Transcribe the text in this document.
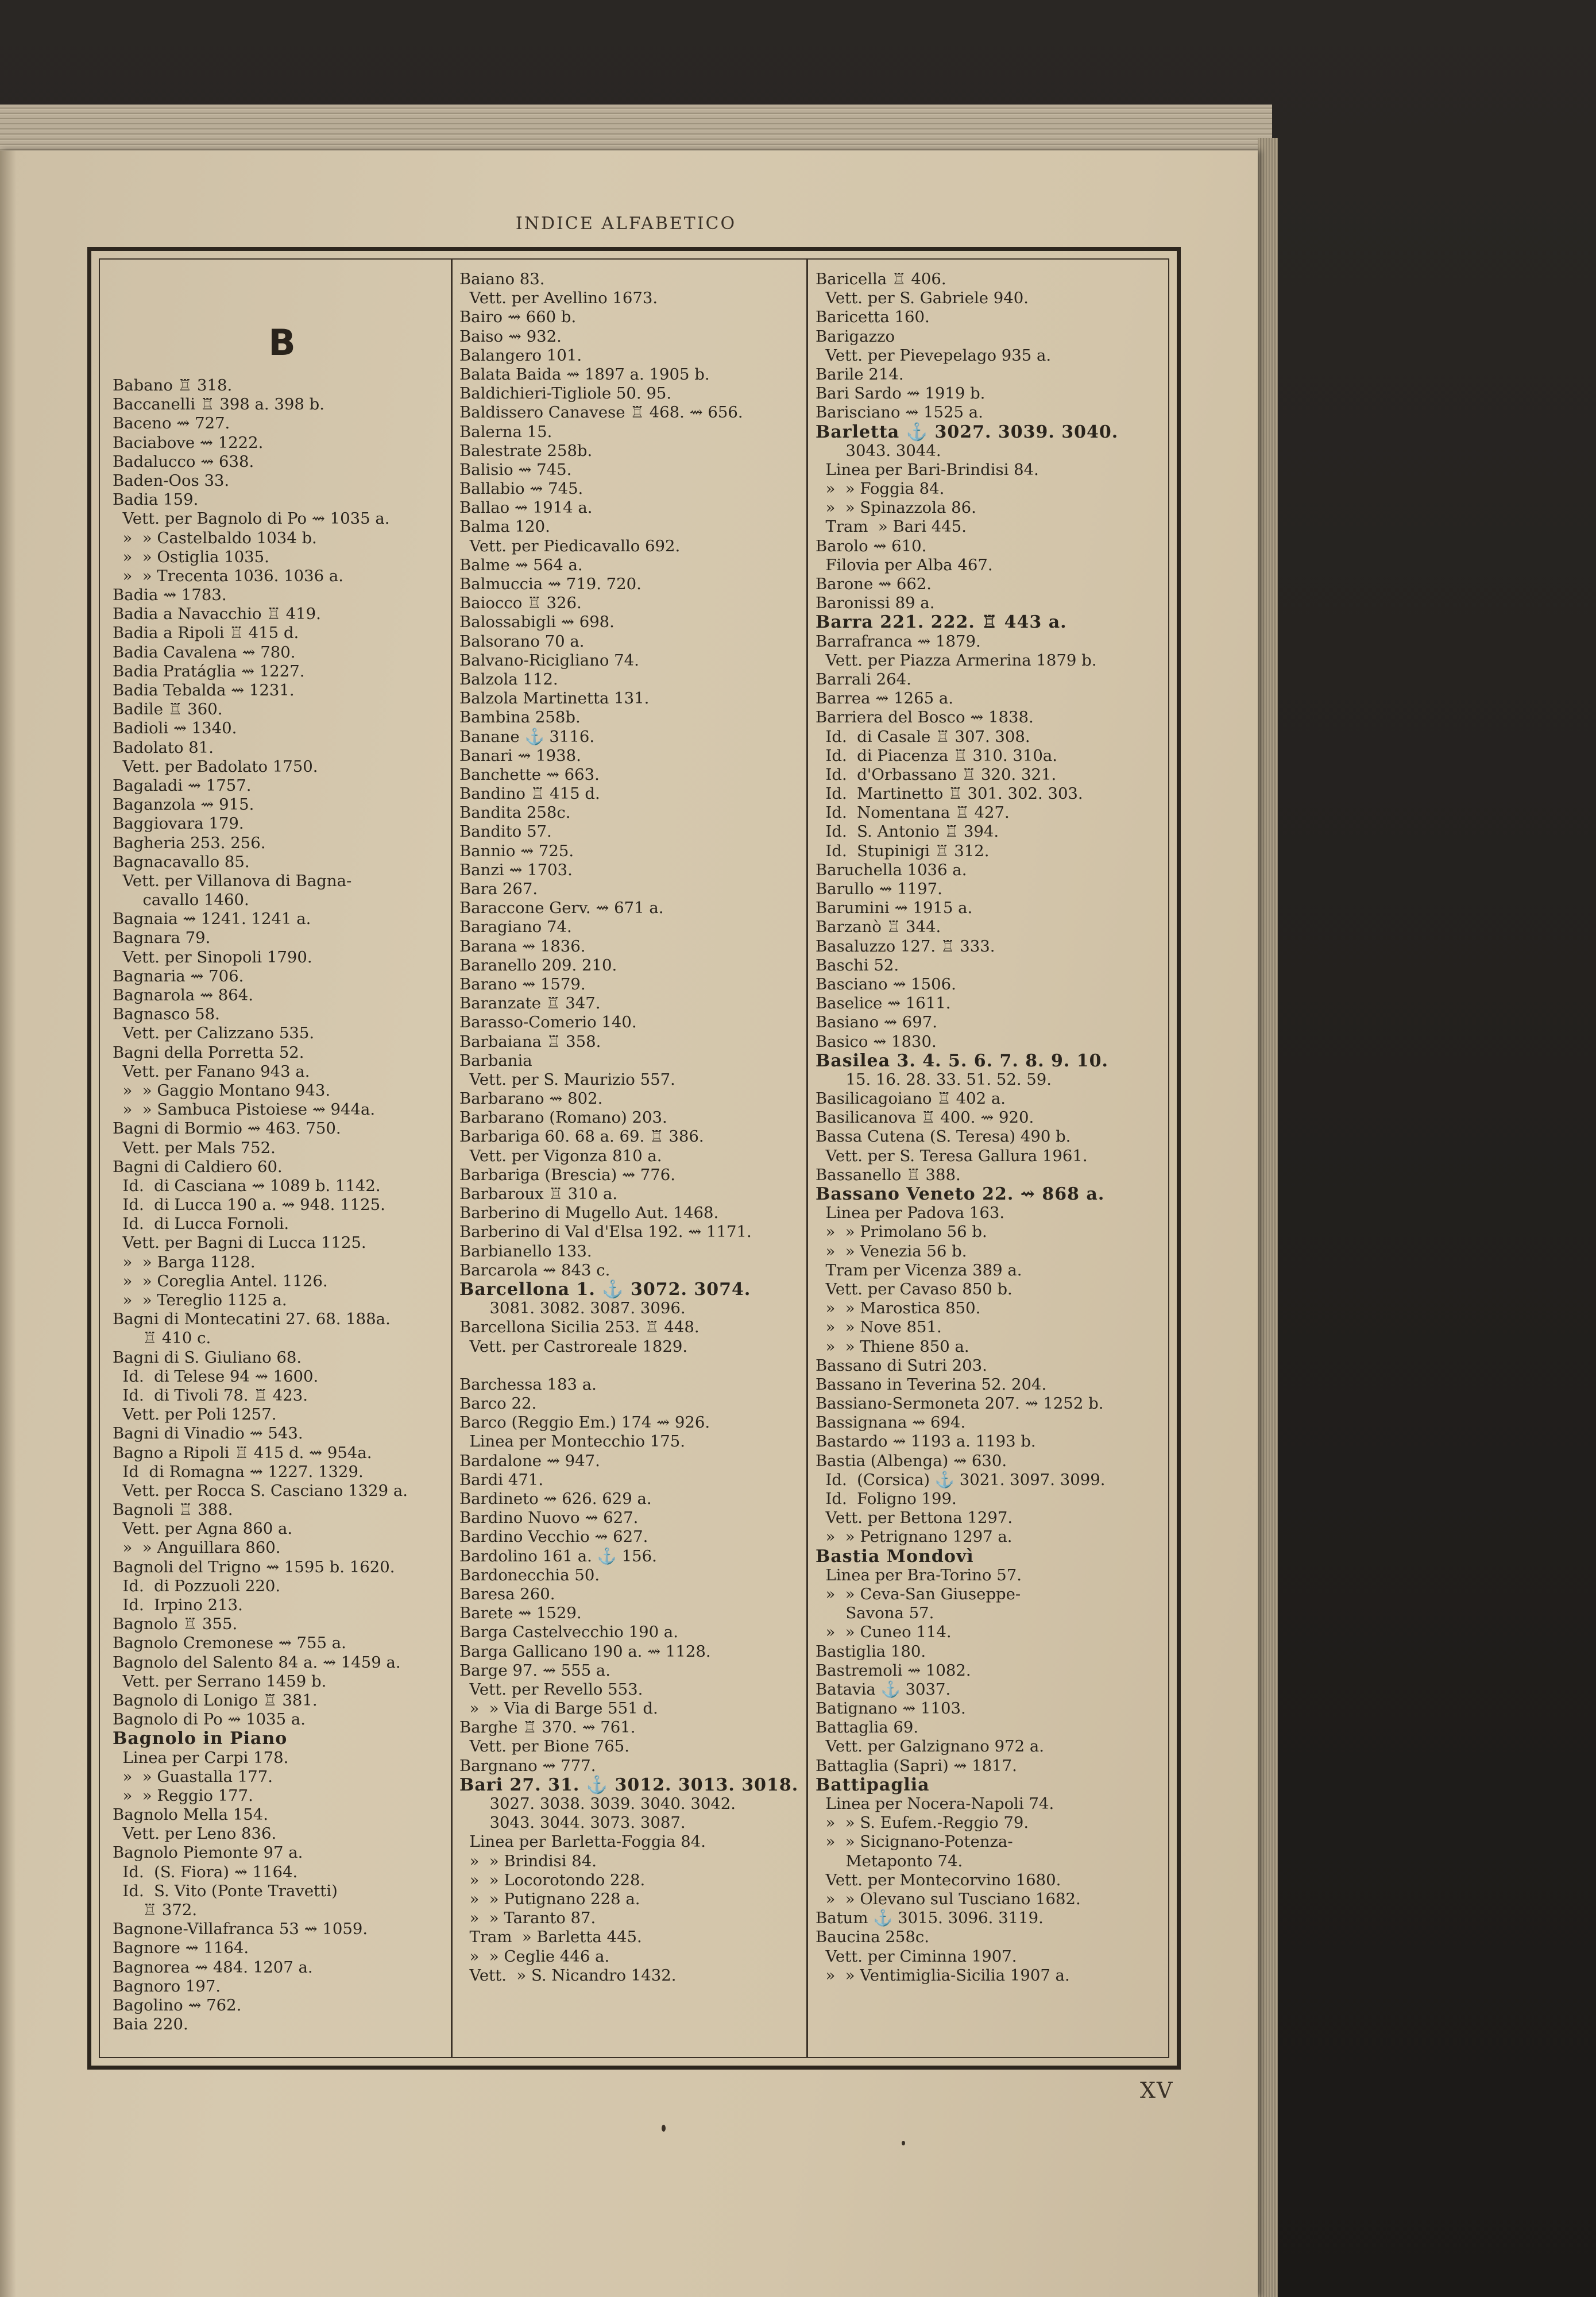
INDICE ALFABETICO
B
Babano ♖ 318.
Baccanelli ♖ 398 a. 398 b.
Baceno ⇝ 727.
Baciabove ⇝ 1222.
Badalucco ⇝ 638.
Baden-Oos 33.
Badia 159.
Vett. per Bagnolo di Po ⇝ 1035 a.
»  » Castelbaldo 1034 b.
»  » Ostiglia 1035.
»  » Trecenta 1036. 1036 a.
Badia ⇝ 1783.
Badia a Navacchio ♖ 419.
Badia a Ripoli ♖ 415 d.
Badia Cavalena ⇝ 780.
Badia Pratáglia ⇝ 1227.
Badia Tebalda ⇝ 1231.
Badile ♖ 360.
Badioli ⇝ 1340.
Badolato 81.
Vett. per Badolato 1750.
Bagaladi ⇝ 1757.
Baganzola ⇝ 915.
Baggiovara 179.
Bagheria 253. 256.
Bagnacavallo 85.
Vett. per Villanova di Bagna-
cavallo 1460.
Bagnaia ⇝ 1241. 1241 a.
Bagnara 79.
Vett. per Sinopoli 1790.
Bagnaria ⇝ 706.
Bagnarola ⇝ 864.
Bagnasco 58.
Vett. per Calizzano 535.
Bagni della Porretta 52.
Vett. per Fanano 943 a.
»  » Gaggio Montano 943.
»  » Sambuca Pistoiese ⇝ 944a.
Bagni di Bormio ⇝ 463. 750.
Vett. per Mals 752.
Bagni di Caldiero 60.
Id.  di Casciana ⇝ 1089 b. 1142.
Id.  di Lucca 190 a. ⇝ 948. 1125.
Id.  di Lucca Fornoli.
Vett. per Bagni di Lucca 1125.
»  » Barga 1128.
»  » Coreglia Antel. 1126.
»  » Tereglio 1125 a.
Bagni di Montecatini 27. 68. 188a.
♖ 410 c.
Bagni di S. Giuliano 68.
Id.  di Telese 94 ⇝ 1600.
Id.  di Tivoli 78. ♖ 423.
Vett. per Poli 1257.
Bagni di Vinadio ⇝ 543.
Bagno a Ripoli ♖ 415 d. ⇝ 954a.
Id  di Romagna ⇝ 1227. 1329.
Vett. per Rocca S. Casciano 1329 a.
Bagnoli ♖ 388.
Vett. per Agna 860 a.
»  » Anguillara 860.
Bagnoli del Trigno ⇝ 1595 b. 1620.
Id.  di Pozzuoli 220.
Id.  Irpino 213.
Bagnolo ♖ 355.
Bagnolo Cremonese ⇝ 755 a.
Bagnolo del Salento 84 a. ⇝ 1459 a.
Vett. per Serrano 1459 b.
Bagnolo di Lonigo ♖ 381.
Bagnolo di Po ⇝ 1035 a.
Bagnolo in Piano
Linea per Carpi 178.
»  » Guastalla 177.
»  » Reggio 177.
Bagnolo Mella 154.
Vett. per Leno 836.
Bagnolo Piemonte 97 a.
Id.  (S. Fiora) ⇝ 1164.
Id.  S. Vito (Ponte Travetti)
♖ 372.
Bagnone-Villafranca 53 ⇝ 1059.
Bagnore ⇝ 1164.
Bagnorea ⇝ 484. 1207 a.
Bagnoro 197.
Bagolino ⇝ 762.
Baia 220.
Baiano 83.
Vett. per Avellino 1673.
Bairo ⇝ 660 b.
Baiso ⇝ 932.
Balangero 101.
Balata Baida ⇝ 1897 a. 1905 b.
Baldichieri-Tigliole 50. 95.
Baldissero Canavese ♖ 468. ⇝ 656.
Balerna 15.
Balestrate 258b.
Balisio ⇝ 745.
Ballabio ⇝ 745.
Ballao ⇝ 1914 a.
Balma 120.
Vett. per Piedicavallo 692.
Balme ⇝ 564 a.
Balmuccia ⇝ 719. 720.
Baiocco ♖ 326.
Balossabigli ⇝ 698.
Balsorano 70 a.
Balvano-Ricigliano 74.
Balzola 112.
Balzola Martinetta 131.
Bambina 258b.
Banane ⚓ 3116.
Banari ⇝ 1938.
Banchette ⇝ 663.
Bandino ♖ 415 d.
Bandita 258c.
Bandito 57.
Bannio ⇝ 725.
Banzi ⇝ 1703.
Bara 267.
Baraccone Gerv. ⇝ 671 a.
Baragiano 74.
Barana ⇝ 1836.
Baranello 209. 210.
Barano ⇝ 1579.
Baranzate ♖ 347.
Barasso-Comerio 140.
Barbaiana ♖ 358.
Barbania
Vett. per S. Maurizio 557.
Barbarano ⇝ 802.
Barbarano (Romano) 203.
Barbariga 60. 68 a. 69. ♖ 386.
Vett. per Vigonza 810 a.
Barbariga (Brescia) ⇝ 776.
Barbaroux ♖ 310 a.
Barberino di Mugello Aut. 1468.
Barberino di Val d'Elsa 192. ⇝ 1171.
Barbianello 133.
Barcarola ⇝ 843 c.
Barcellona 1. ⚓ 3072. 3074.
3081. 3082. 3087. 3096.
Barcellona Sicilia 253. ♖ 448.
Vett. per Castroreale 1829.
Barchessa 183 a.
Barco 22.
Barco (Reggio Em.) 174 ⇝ 926.
Linea per Montecchio 175.
Bardalone ⇝ 947.
Bardi 471.
Bardineto ⇝ 626. 629 a.
Bardino Nuovo ⇝ 627.
Bardino Vecchio ⇝ 627.
Bardolino 161 a. ⚓ 156.
Bardonecchia 50.
Baresa 260.
Barete ⇝ 1529.
Barga Castelvecchio 190 a.
Barga Gallicano 190 a. ⇝ 1128.
Barge 97. ⇝ 555 a.
Vett. per Revello 553.
»  » Via di Barge 551 d.
Barghe ♖ 370. ⇝ 761.
Vett. per Bione 765.
Bargnano ⇝ 777.
Bari 27. 31. ⚓ 3012. 3013. 3018.
3027. 3038. 3039. 3040. 3042.
3043. 3044. 3073. 3087.
Linea per Barletta-Foggia 84.
»  » Brindisi 84.
»  » Locorotondo 228.
»  » Putignano 228 a.
»  » Taranto 87.
Tram  » Barletta 445.
»  » Ceglie 446 a.
Vett.  » S. Nicandro 1432.
Baricella ♖ 406.
Vett. per S. Gabriele 940.
Baricetta 160.
Barigazzo
Vett. per Pievepelago 935 a.
Barile 214.
Bari Sardo ⇝ 1919 b.
Barisciano ⇝ 1525 a.
Barletta ⚓ 3027. 3039. 3040.
3043. 3044.
Linea per Bari-Brindisi 84.
»  » Foggia 84.
»  » Spinazzola 86.
Tram  » Bari 445.
Barolo ⇝ 610.
Filovia per Alba 467.
Barone ⇝ 662.
Baronissi 89 a.
Barra 221. 222. ♖ 443 a.
Barrafranca ⇝ 1879.
Vett. per Piazza Armerina 1879 b.
Barrali 264.
Barrea ⇝ 1265 a.
Barriera del Bosco ⇝ 1838.
Id.  di Casale ♖ 307. 308.
Id.  di Piacenza ♖ 310. 310a.
Id.  d'Orbassano ♖ 320. 321.
Id.  Martinetto ♖ 301. 302. 303.
Id.  Nomentana ♖ 427.
Id.  S. Antonio ♖ 394.
Id.  Stupinigi ♖ 312.
Baruchella 1036 a.
Barullo ⇝ 1197.
Barumini ⇝ 1915 a.
Barzanò ♖ 344.
Basaluzzo 127. ♖ 333.
Baschi 52.
Basciano ⇝ 1506.
Baselice ⇝ 1611.
Basiano ⇝ 697.
Basico ⇝ 1830.
Basilea 3. 4. 5. 6. 7. 8. 9. 10.
15. 16. 28. 33. 51. 52. 59.
Basilicagoiano ♖ 402 a.
Basilicanova ♖ 400. ⇝ 920.
Bassa Cutena (S. Teresa) 490 b.
Vett. per S. Teresa Gallura 1961.
Bassanello ♖ 388.
Bassano Veneto 22. ⇝ 868 a.
Linea per Padova 163.
»  » Primolano 56 b.
»  » Venezia 56 b.
Tram per Vicenza 389 a.
Vett. per Cavaso 850 b.
»  » Marostica 850.
»  » Nove 851.
»  » Thiene 850 a.
Bassano di Sutri 203.
Bassano in Teverina 52. 204.
Bassiano-Sermoneta 207. ⇝ 1252 b.
Bassignana ⇝ 694.
Bastardo ⇝ 1193 a. 1193 b.
Bastia (Albenga) ⇝ 630.
Id.  (Corsica) ⚓ 3021. 3097. 3099.
Id.  Foligno 199.
Vett. per Bettona 1297.
»  » Petrignano 1297 a.
Bastia Mondovì
Linea per Bra-Torino 57.
»  » Ceva-San Giuseppe-
Savona 57.
»  » Cuneo 114.
Bastiglia 180.
Bastremoli ⇝ 1082.
Batavia ⚓ 3037.
Batignano ⇝ 1103.
Battaglia 69.
Vett. per Galzignano 972 a.
Battaglia (Sapri) ⇝ 1817.
Battipaglia
Linea per Nocera-Napoli 74.
»  » S. Eufem.-Reggio 79.
»  » Sicignano-Potenza-
Metaponto 74.
Vett. per Montecorvino 1680.
»  » Olevano sul Tusciano 1682.
Batum ⚓ 3015. 3096. 3119.
Baucina 258c.
Vett. per Ciminna 1907.
»  » Ventimiglia-Sicilia 1907 a.
XV
